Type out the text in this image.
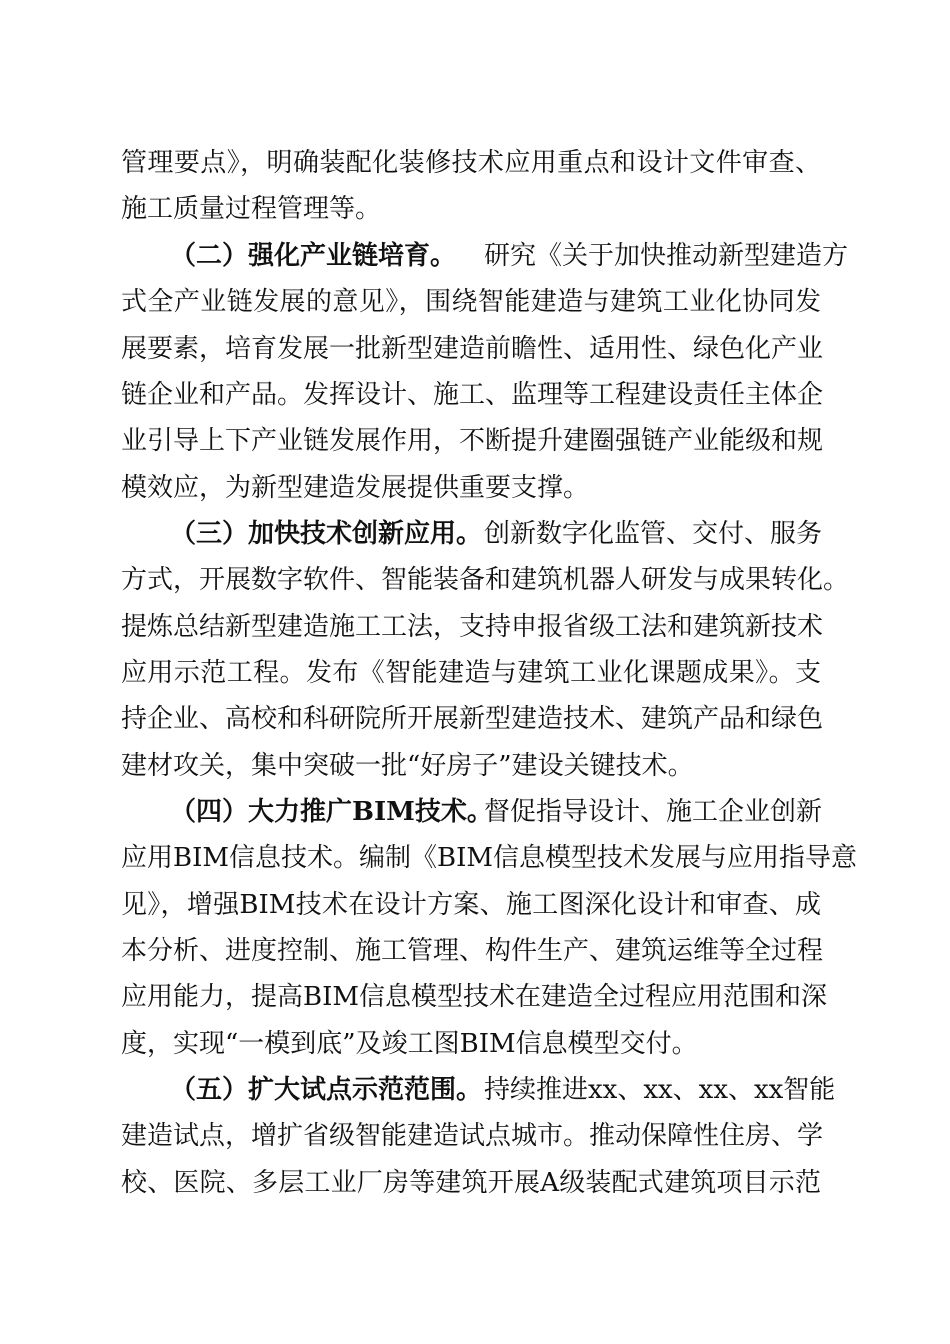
管理要点》，明确装配化装修技术应用重点和设计文件审查、
施工质量过程管理等。
（二）强化产业链培育。 研究《关于加快推动新型建造方
式全产业链发展的意见》，围绕智能建造与建筑工业化协同发
展要素，培育发展一批新型建造前瞻性、适用性、绿色化产业
链企业和产品。发挥设计、施工、监理等工程建设责任主体企
业引导上下产业链发展作用，不断提升建圈强链产业能级和规
模效应，为新型建造发展提供重要支撑。
（三）加快技术创新应用。 创新数字化监管、交付、服务
方式，开展数字软件、智能装备和建筑机器人研发与成果转化。
提炼总结新型建造施工工法，支持申报省级工法和建筑新技术
应用示范工程。发布《智能建造与建筑工业化课题成果》。支
持企业、高校和科研院所开展新型建造技术、建筑产品和绿色
建材攻关，集中突破一批“好房子”建设关键技术。
（四）大力推广BIM技术。
督促指导设计、施工企业创新
应用BIM信息技术。编制《BIM信息模型技术发展与应用指导意
见》，增强BIM技术在设计方案、施工图深化设计和审查、成
本分析、进度控制、施工管理、构件生产、建筑运维等全过程
应用能力，提高BIM信息模型技术在建造全过程应用范围和深
度，实现“一模到底”及竣工图BIM信息模型交付。
（五）扩大试点示范范围。 持续推进xx、xx、xx、xx智能
建造试点，增扩省级智能建造试点城市。推动保障性住房、学
校、医院、多层工业厂房等建筑开展A级装配式建筑项目示范
